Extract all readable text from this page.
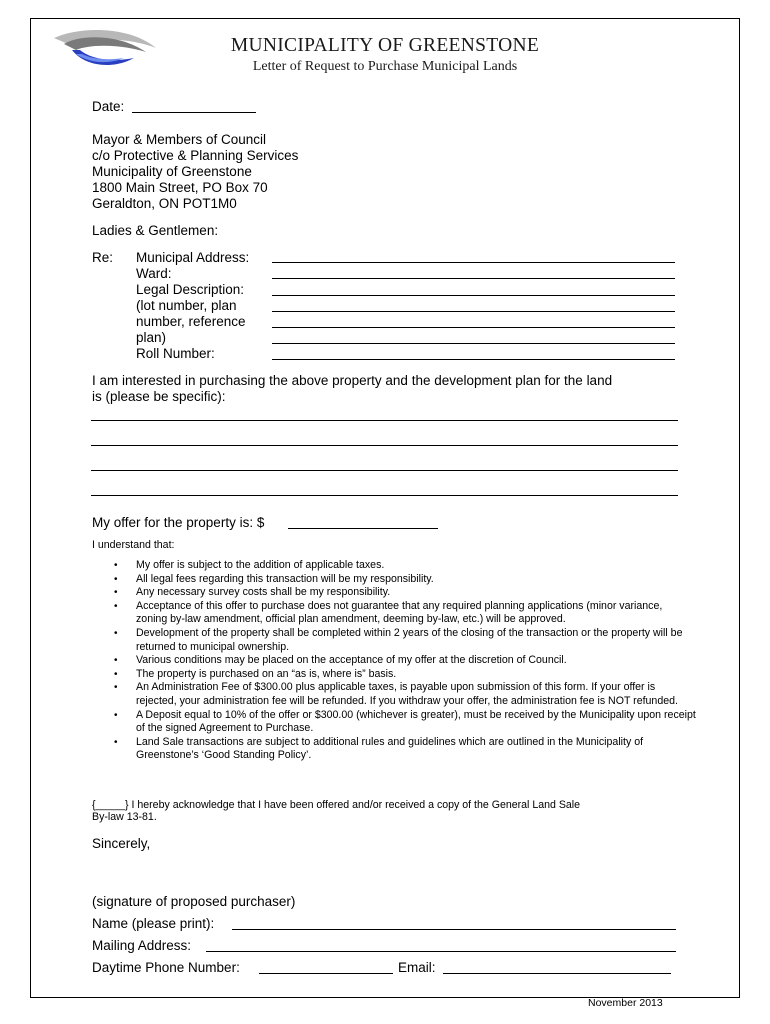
MUNICIPALITY OF GREENSTONE
Letter of Request to Purchase Municipal Lands
Date:
Mayor & Members of Council
c/o Protective & Planning Services
Municipality of Greenstone
1800 Main Street, PO Box 70
Geraldton, ON POT1M0
Ladies & Gentlemen:
Re: Municipal Address:
Ward:
Legal Description:
(lot number, plan
number, reference
plan)
Roll Number:
I am interested in purchasing the above property and the development plan for the land
is (please be specific):
My offer for the property is: $
I understand that:
• My offer is subject to the addition of applicable taxes.
• All legal fees regarding this transaction will be my responsibility.
• Any necessary survey costs shall be my responsibility.
• Acceptance of this offer to purchase does not guarantee that any required planning applications (minor variance, zoning by-law amendment, official plan amendment, deeming by-law, etc.) will be approved.
• Development of the property shall be completed within 2 years of the closing of the transaction or the property will be returned to municipal ownership.
• Various conditions may be placed on the acceptance of my offer at the discretion of Council.
• The property is purchased on an “as is, where is” basis.
• An Administration Fee of $300.00 plus applicable taxes, is payable upon submission of this form. If your offer is rejected, your administration fee will be refunded. If you withdraw your offer, the administration fee is NOT refunded.
• A Deposit equal to 10% of the offer or $300.00 (whichever is greater), must be received by the Municipality upon receipt of the signed Agreement to Purchase.
• Land Sale transactions are subject to additional rules and guidelines which are outlined in the Municipality of Greenstone’s ‘Good Standing Policy’.
{_____} I hereby acknowledge that I have been offered and/or received a copy of the General Land Sale
By-law 13-81.
Sincerely,
(signature of proposed purchaser)
Name (please print):
Mailing Address:
Daytime Phone Number:	Email:
November 2013
